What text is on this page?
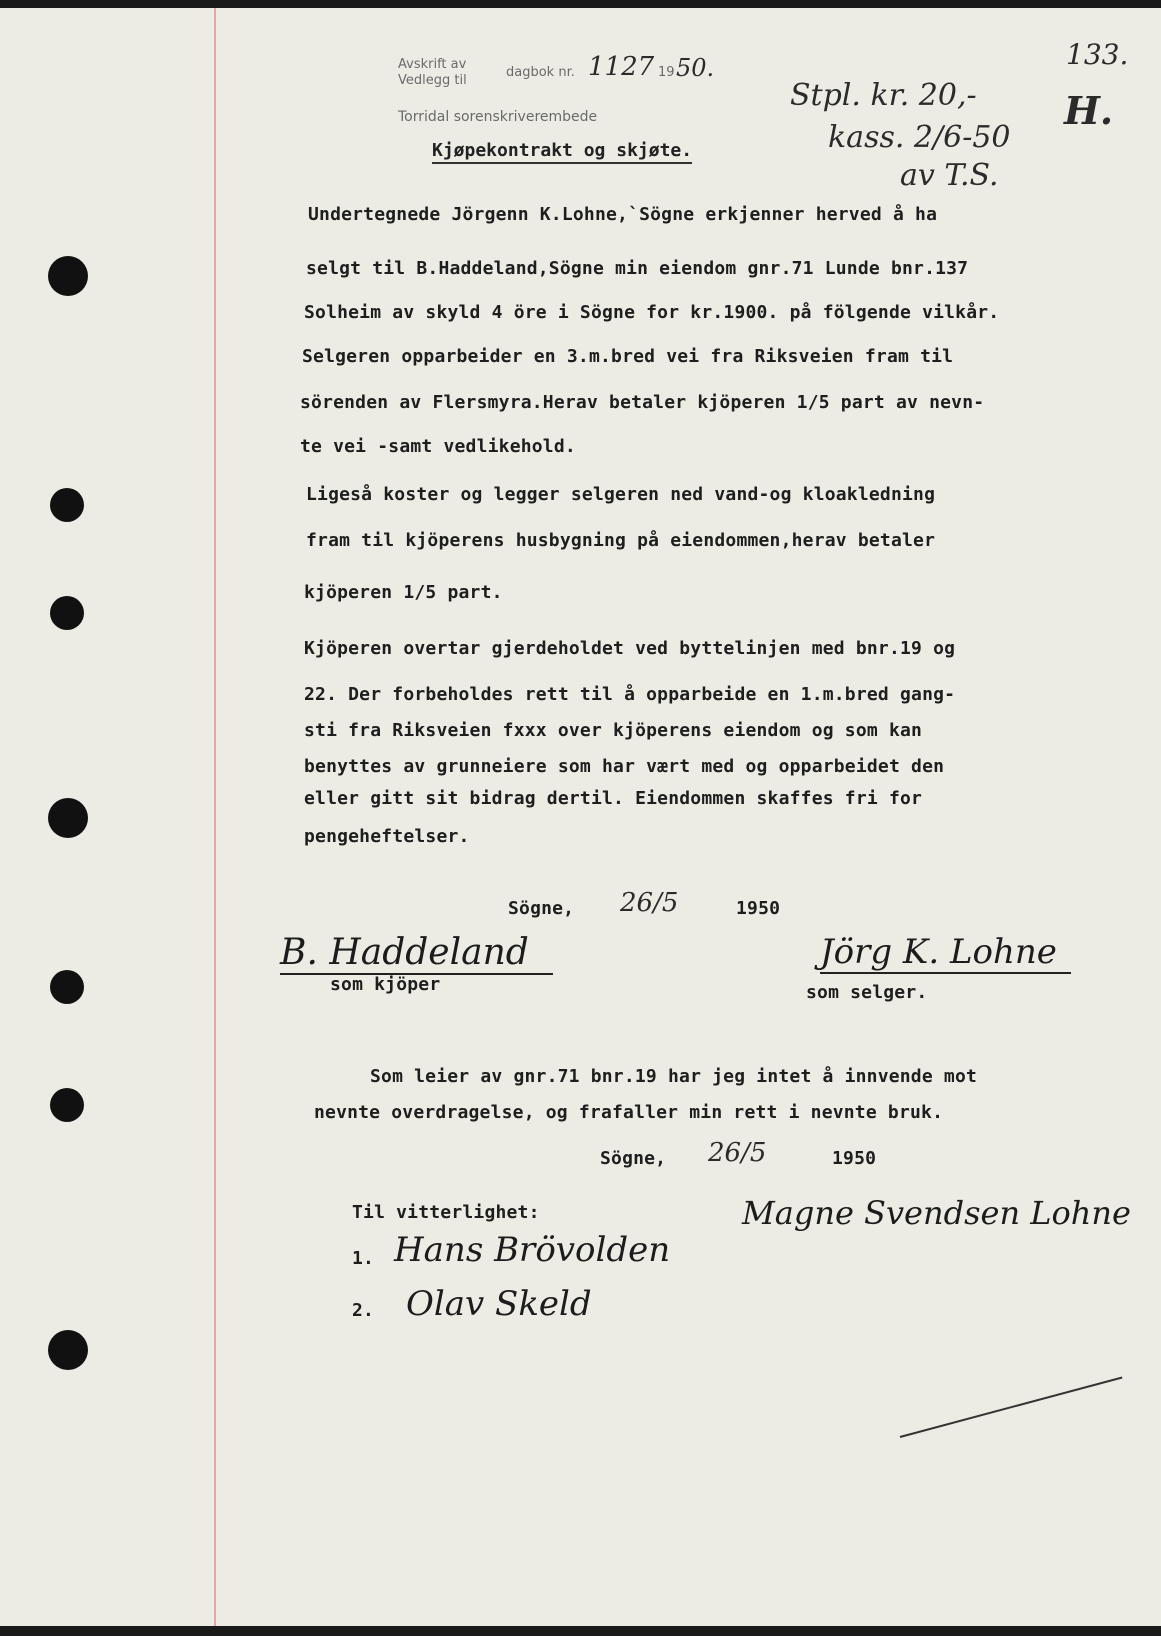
Avskrift av
Vedlegg til
dagbok nr. 1127 19 50.
Torridal sorenskriverembede
133.
H.
Stpl. kr. 20,-
kass. 2/6-50
av T.S.
Kjøpekontrakt og skjøte.
Undertegnede Jörgenn K.Lohne,`Sögne erkjenner herved å ha
selgt til B.Haddeland,Sögne min eiendom gnr.71 Lunde bnr.137
Solheim av skyld 4 öre i Sögne for kr.1900. på fölgende vilkår.
Selgeren opparbeider en 3.m.bred vei fra Riksveien fram til
sörenden av Flersmyra.Herav betaler kjöperen 1/5 part av nevn-
te vei -samt vedlikehold.
Ligeså koster og legger selgeren ned vand-og kloakledning
fram til kjöperens husbygning på eiendommen,herav betaler
kjöperen 1/5 part.
Kjöperen overtar gjerdeholdet ved byttelinjen med bnr.19 og
22. Der forbeholdes rett til å opparbeide en 1.m.bred gang-
sti fra Riksveien fxxx over kjöperens eiendom og som kan
benyttes av grunneiere som har vært med og opparbeidet den
eller gitt sit bidrag dertil. Eiendommen skaffes fri for
pengeheftelser.
Sögne, 26/5	1950
B. Haddeland
som kjöper
Jörg K. Lohne
som selger.
Som leier av gnr.71 bnr.19 har jeg intet å innvende mot
nevnte overdragelse, og frafaller min rett i nevnte bruk.
Sögne, 26/5	1950
Magne Svendsen Lohne
Til vitterlighet:
1. Hans Brövolden
2. Olav Skeld
